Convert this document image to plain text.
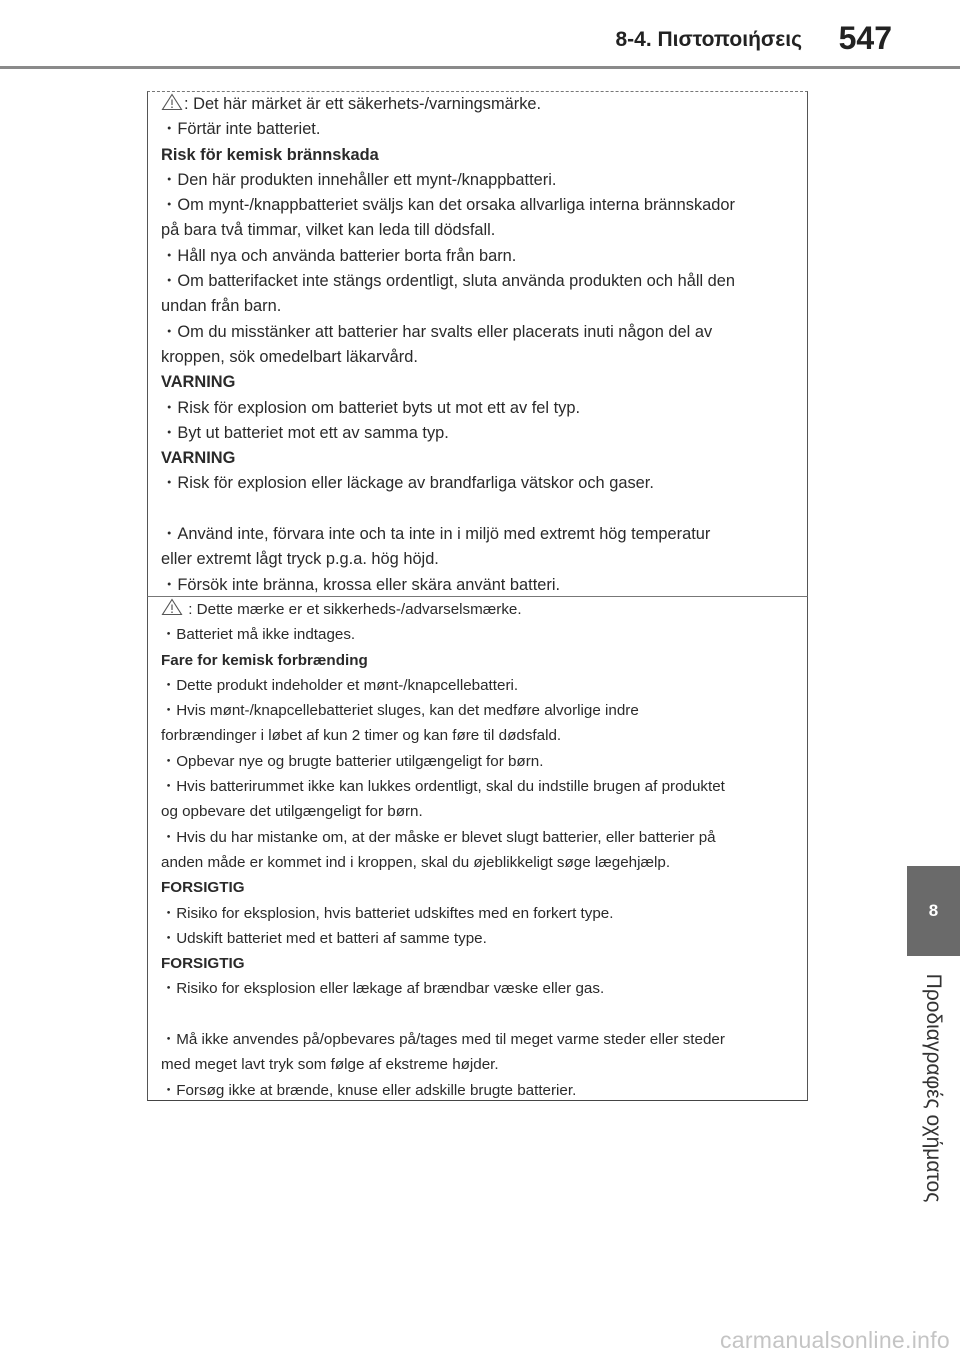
8-4. Πιστοποιήσεις 547
: Det här märket är ett säkerhets-/varningsmärke.
・Förtär inte batteriet.
Risk för kemisk brännskada
・Den här produkten innehåller ett mynt-/knappbatteri.
・Om mynt-/knappbatteriet sväljs kan det orsaka allvarliga interna brännskador
på bara två timmar, vilket kan leda till dödsfall.
・Håll nya och använda batterier borta från barn.
・Om batterifacket inte stängs ordentligt, sluta använda produkten och håll den
undan från barn.
・Om du misstänker att batterier har svalts eller placerats inuti någon del av
kroppen, sök omedelbart läkarvård.
VARNING
・Risk för explosion om batteriet byts ut mot ett av fel typ.
・Byt ut batteriet mot ett av samma typ.
VARNING
・Risk för explosion eller läckage av brandfarliga vätskor och gaser.
・Använd inte, förvara inte och ta inte in i miljö med extremt hög temperatur
eller extremt lågt tryck p.g.a. hög höjd.
・Försök inte bränna, krossa eller skära använt batteri.
: Dette mærke er et sikkerheds-/advarselsmærke.
・Batteriet må ikke indtages.
Fare for kemisk forbrænding
・Dette produkt indeholder et mønt-/knapcellebatteri.
・Hvis mønt-/knapcellebatteriet sluges, kan det medføre alvorlige indre
forbrændinger i løbet af kun 2 timer og kan føre til dødsfald.
・Opbevar nye og brugte batterier utilgængeligt for børn.
・Hvis batterirummet ikke kan lukkes ordentligt, skal du indstille brugen af produktet
og opbevare det utilgængeligt for børn.
・Hvis du har mistanke om, at der måske er blevet slugt batterier, eller batterier på
anden måde er kommet ind i kroppen, skal du øjeblikkeligt søge lægehjælp.
FORSIGTIG
・Risiko for eksplosion, hvis batteriet udskiftes med en forkert type.
・Udskift batteriet med et batteri af samme type.
FORSIGTIG
・Risiko for eksplosion eller lækage af brændbar væske eller gas.
・Må ikke anvendes på/opbevares på/tages med til meget varme steder eller steder
med meget lavt tryk som følge af ekstreme højder.
・Forsøg ikke at brænde, knuse eller adskille brugte batterier.
8
Προδιαγραφές οχήματος
carmanualsonline.info
